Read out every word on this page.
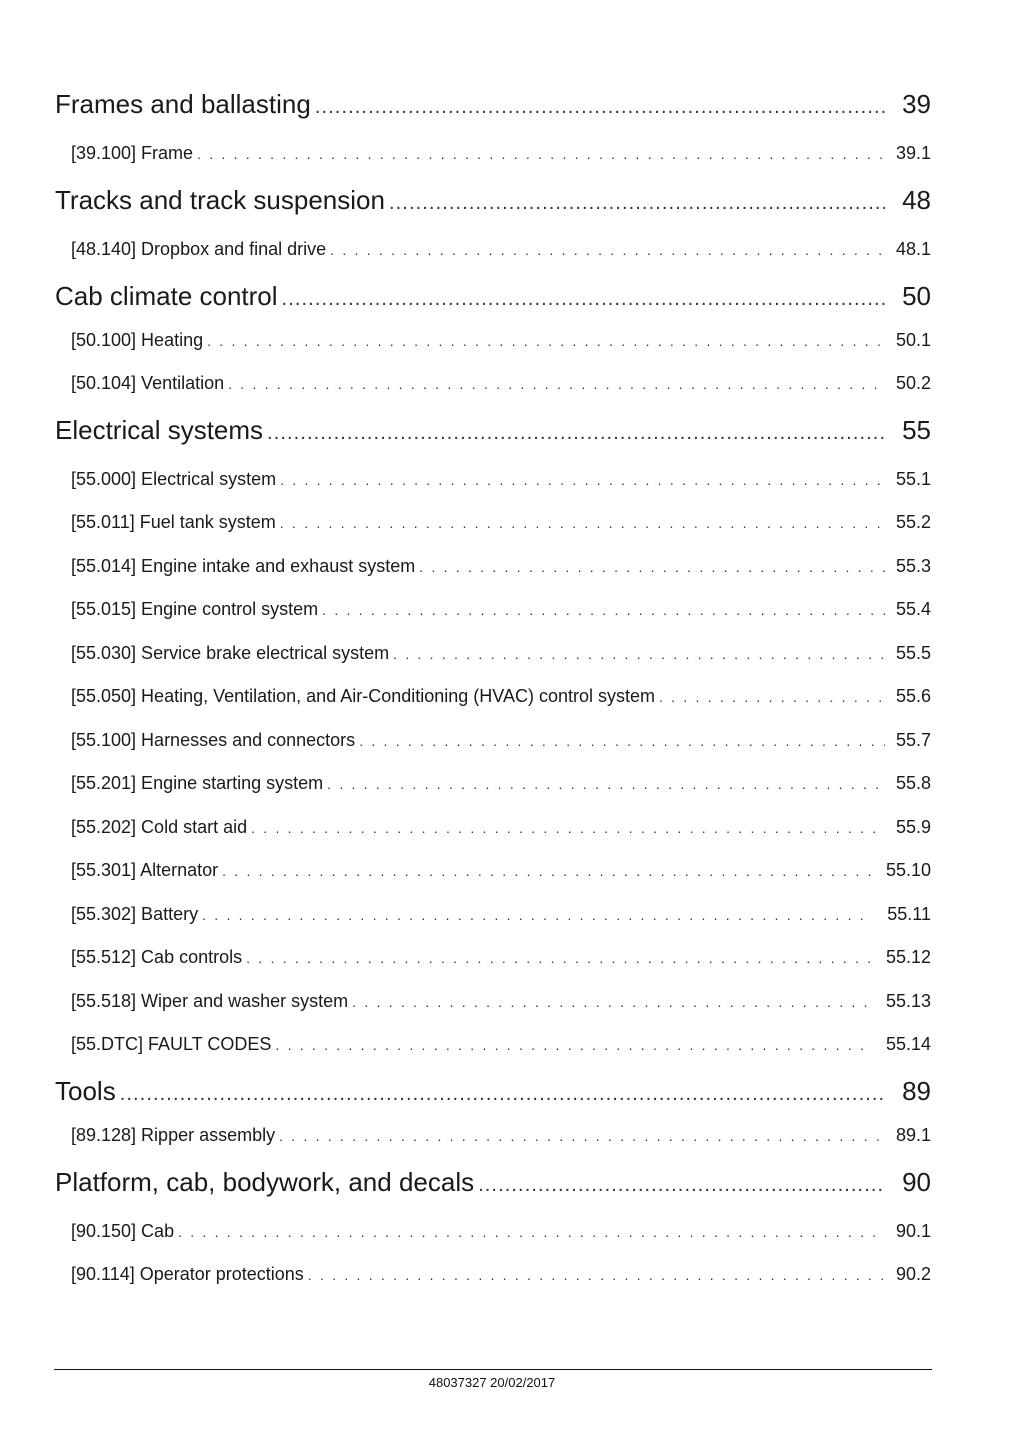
Frames and ballasting .....	39
[39.100] Frame . . .	39.1
Tracks and track suspension .....	48
[48.140] Dropbox and final drive . . .	48.1
Cab climate control .....	50
[50.100] Heating . . .	50.1
[50.104] Ventilation . . .	50.2
Electrical systems .....	55
[55.000] Electrical system . . .	55.1
[55.011] Fuel tank system . . .	55.2
[55.014] Engine intake and exhaust system . . .	55.3
[55.015] Engine control system . . .	55.4
[55.030] Service brake electrical system . . .	55.5
[55.050] Heating, Ventilation, and Air-Conditioning (HVAC) control system . . .	55.6
[55.100] Harnesses and connectors . . .	55.7
[55.201] Engine starting system . . .	55.8
[55.202] Cold start aid . . .	55.9
[55.301] Alternator . . .	55.10
[55.302] Battery . . .	55.11
[55.512] Cab controls . . .	55.12
[55.518] Wiper and washer system . . .	55.13
[55.DTC] FAULT CODES . . .	55.14
Tools .....	89
[89.128] Ripper assembly . . .	89.1
Platform, cab, bodywork, and decals .....	90
[90.150] Cab . . .	90.1
[90.114] Operator protections . . .	90.2
48037327 20/02/2017
